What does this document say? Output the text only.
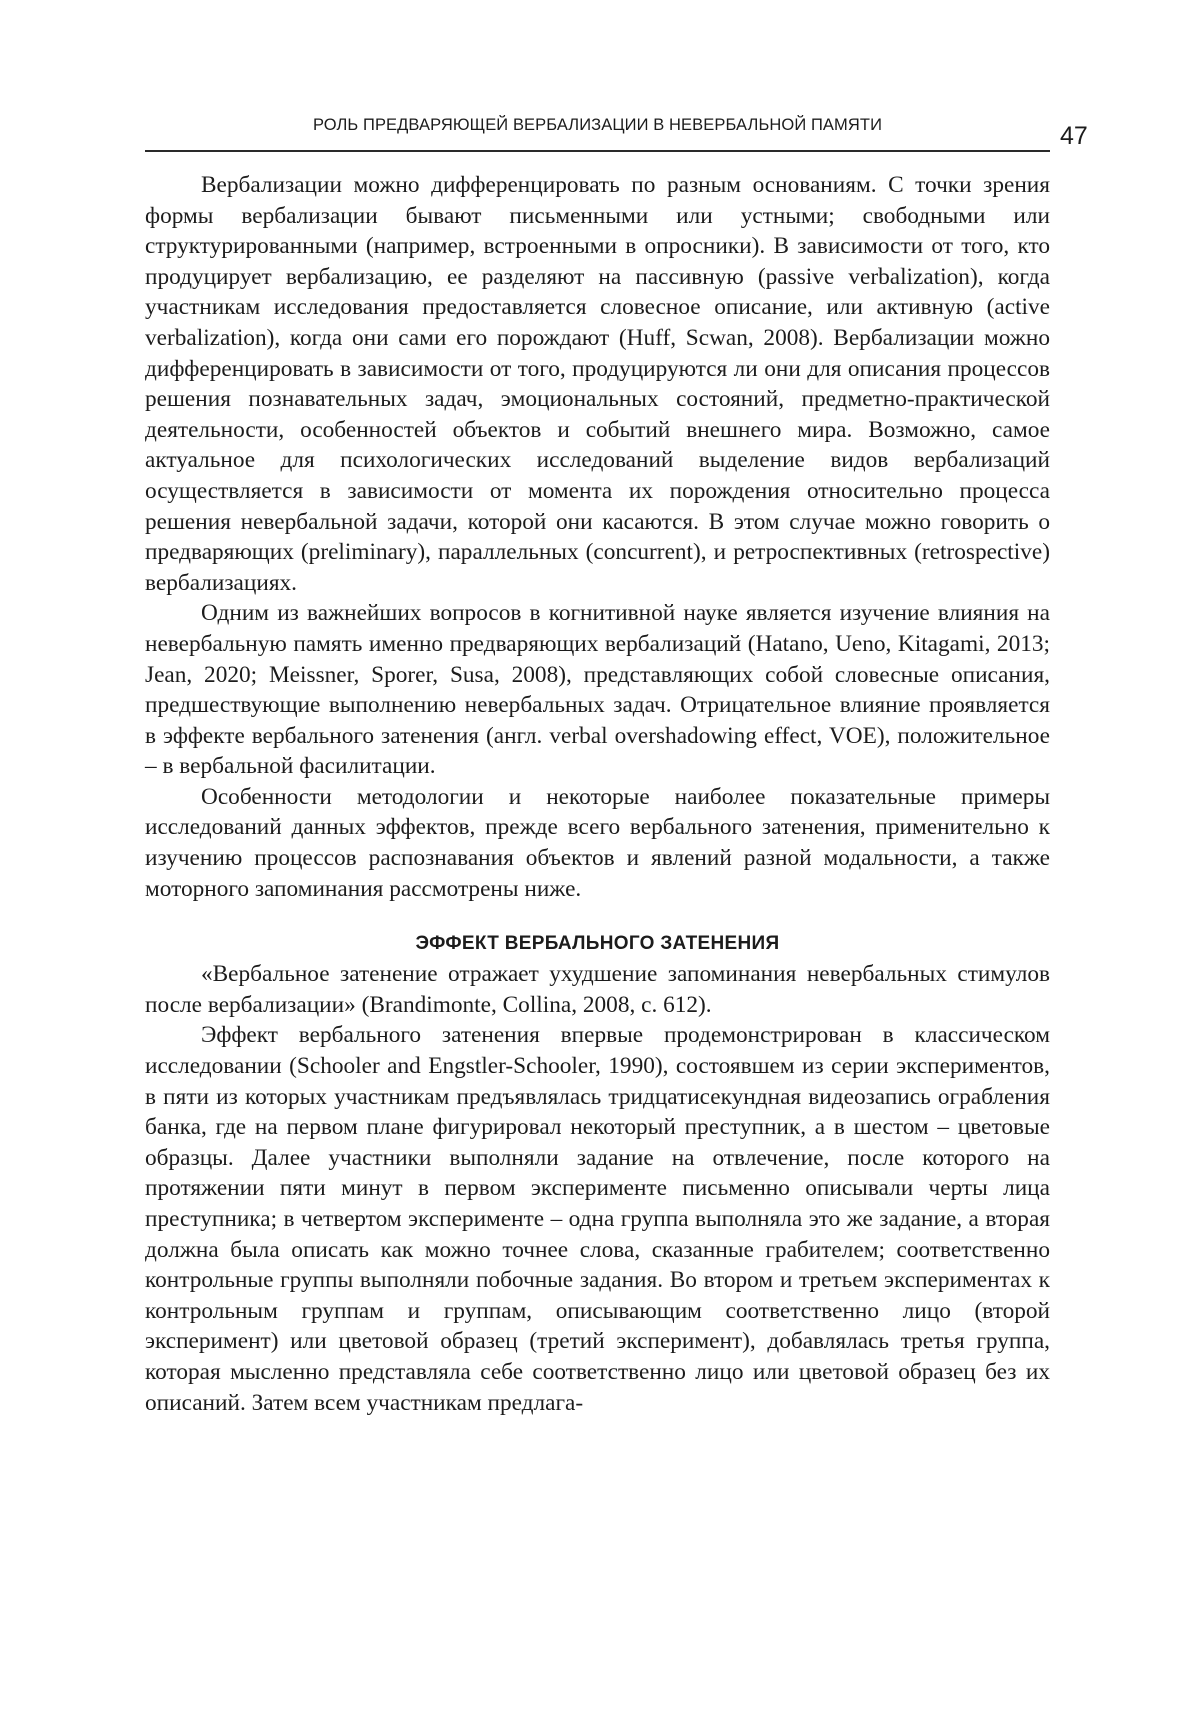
РОЛЬ ПРЕДВАРЯЮЩЕЙ ВЕРБАЛИЗАЦИИ В НЕВЕРБАЛЬНОЙ ПАМЯТИ	47

Вербализации можно дифференцировать по разным основаниям. С точки зрения формы вербализации бывают письменными или устными; свободными или структурированными (например, встроенными в опросники). В зависимости от того, кто продуцирует вербализацию, ее разделяют на пассивную (passive verbalization), когда участникам исследования предоставляется словесное описание, или активную (active verbalization), когда они сами его порождают (Huff, Scwan, 2008). Вербализации можно дифференцировать в зависимости от того, продуцируются ли они для описания процессов решения познавательных задач, эмоциональных состояний, предметно-практической деятельности, особенностей объектов и событий внешнего мира. Возможно, самое актуальное для психологических исследований выделение видов вербализаций осуществляется в зависимости от момента их порождения относительно процесса решения невербальной задачи, которой они касаются. В этом случае можно говорить о предваряющих (preliminary), параллельных (concurrent), и ретроспективных (retrospective) вербализациях.

Одним из важнейших вопросов в когнитивной науке является изучение влияния на невербальную память именно предваряющих вербализаций (Hatano, Ueno, Kitagami, 2013; Jean, 2020; Meissner, Sporer, Susa, 2008), представляющих собой словесные описания, предшествующие выполнению невербальных задач. Отрицательное влияние проявляется в эффекте вербального затенения (англ. verbal overshadowing effect, VOE), положительное – в вербальной фасилитации.

Особенности методологии и некоторые наиболее показательные примеры исследований данных эффектов, прежде всего вербального затенения, применительно к изучению процессов распознавания объектов и явлений разной модальности, а также моторного запоминания рассмотрены ниже.

ЭФФЕКТ ВЕРБАЛЬНОГО ЗАТЕНЕНИЯ

«Вербальное затенение отражает ухудшение запоминания невербальных стимулов после вербализации» (Brandimonte, Collina, 2008, c. 612).

Эффект вербального затенения впервые продемонстрирован в классическом исследовании (Schooler and Engstler-Schooler, 1990), состоявшем из серии экспериментов, в пяти из которых участникам предъявлялась тридцатисекундная видеозапись ограбления банка, где на первом плане фигурировал некоторый преступник, а в шестом – цветовые образцы. Далее участники выполняли задание на отвлечение, после которого на протяжении пяти минут в первом эксперименте письменно описывали черты лица преступника; в четвертом эксперименте – одна группа выполняла это же задание, а вторая должна была описать как можно точнее слова, сказанные грабителем; соответственно контрольные группы выполняли побочные задания. Во втором и третьем экспериментах к контрольным группам и группам, описывающим соответственно лицо (второй эксперимент) или цветовой образец (третий эксперимент), добавлялась третья группа, которая мысленно представляла себе соответственно лицо или цветовой образец без их описаний. Затем всем участникам предлага-
